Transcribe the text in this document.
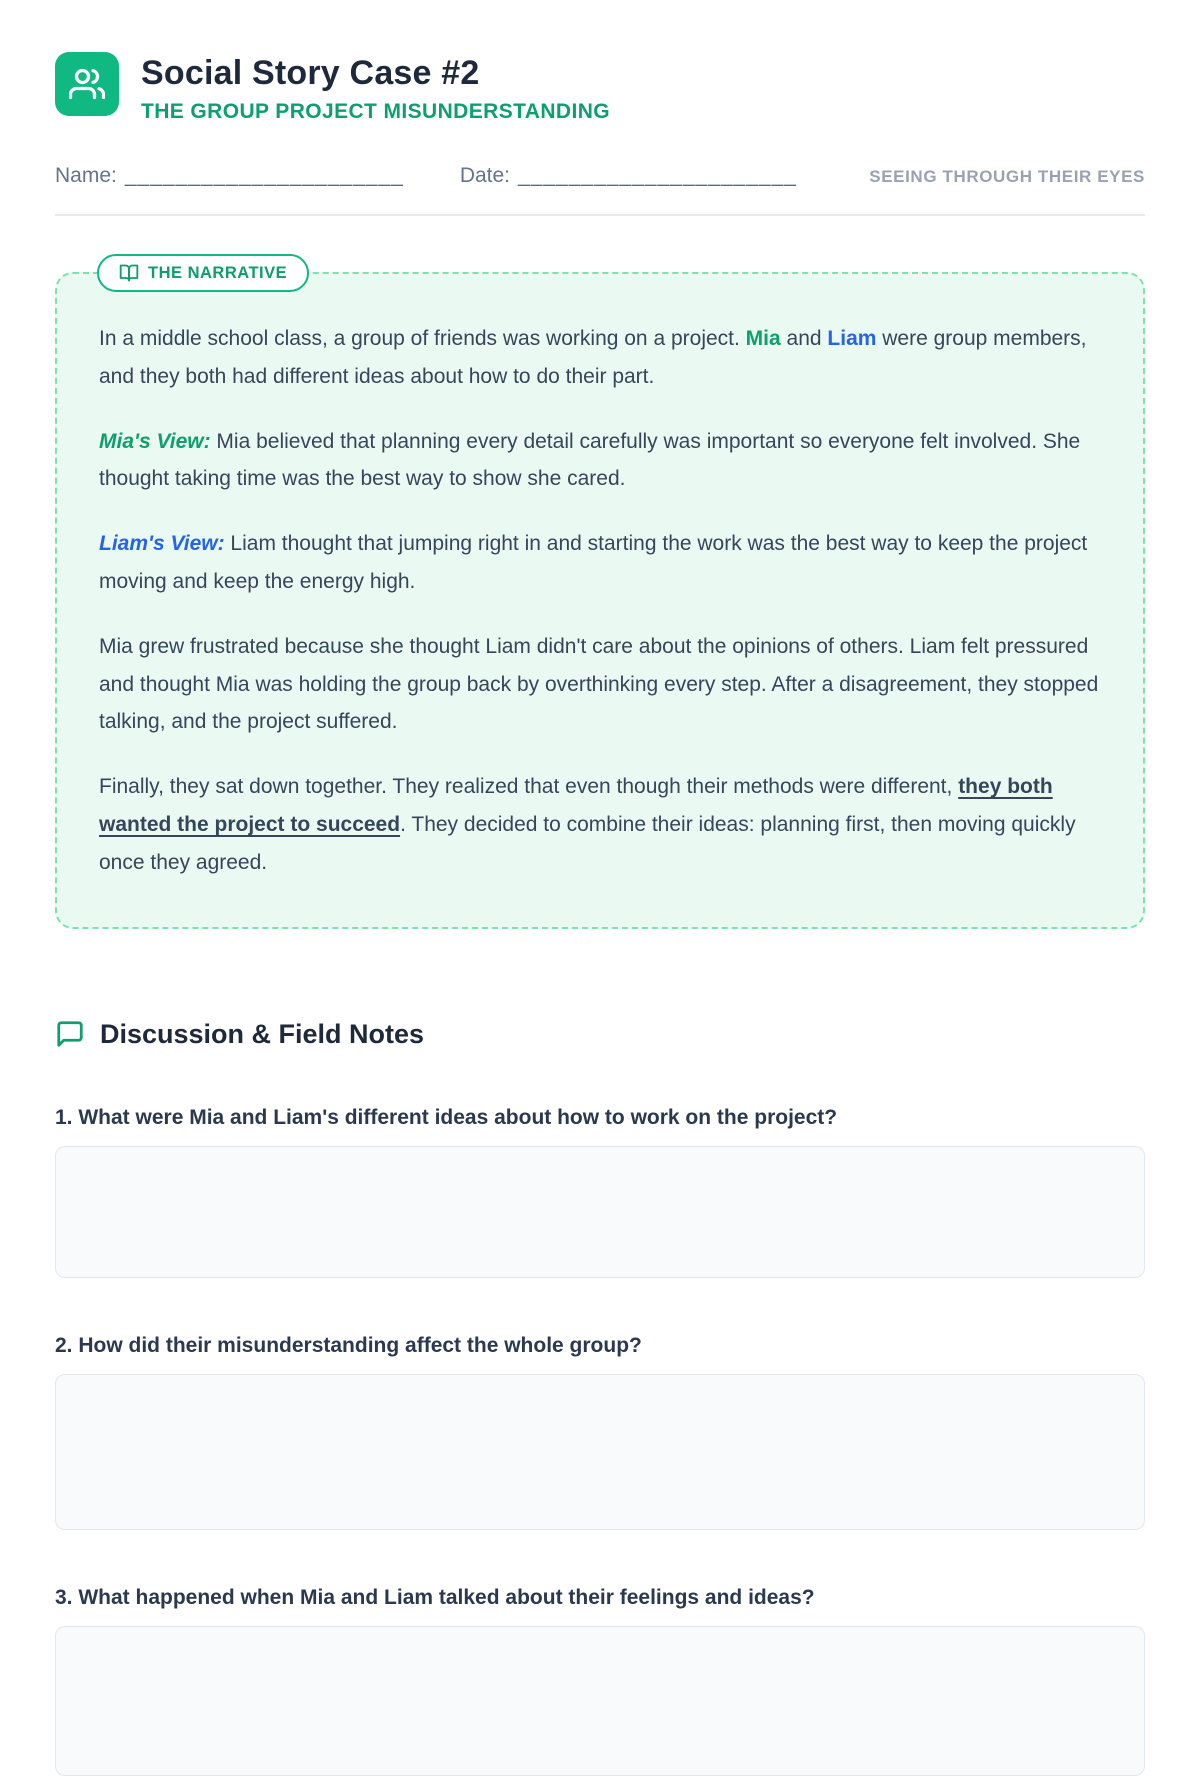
Social Story Case #2

THE GROUP PROJECT MISUNDERSTANDING

Name: ______________________	Date: ______________________	SEEING THROUGH THEIR EYES
THE NARRATIVE

In a middle school class, a group of friends was working on a project. Mia and Liam were group members, and they both had different ideas about how to do their part.

Mia's View: Mia believed that planning every detail carefully was important so everyone felt involved. She thought taking time was the best way to show she cared.

Liam's View: Liam thought that jumping right in and starting the work was the best way to keep the project moving and keep the energy high.

Mia grew frustrated because she thought Liam didn't care about the opinions of others. Liam felt pressured and thought Mia was holding the group back by overthinking every step. After a disagreement, they stopped talking, and the project suffered.

Finally, they sat down together. They realized that even though their methods were different, they both wanted the project to succeed. They decided to combine their ideas: planning first, then moving quickly once they agreed.

Discussion & Field Notes

1. What were Mia and Liam's different ideas about how to work on the project?

2. How did their misunderstanding affect the whole group?

3. What happened when Mia and Liam talked about their feelings and ideas?
